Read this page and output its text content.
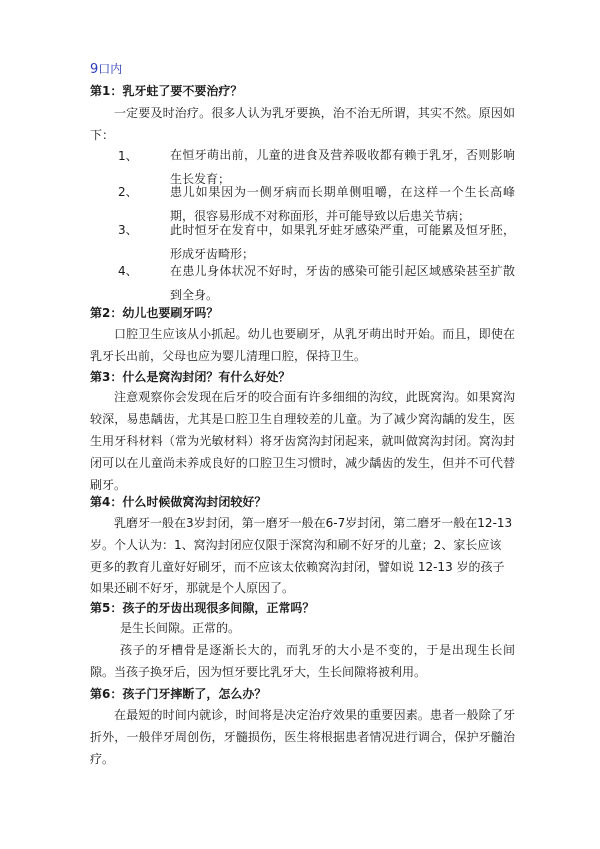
9口内
第1：乳牙蛀了要不要治疗？
一定要及时治疗。很多人认为乳牙要换，治不治无所谓，其实不然。原因如下：
1、	在恒牙萌出前，儿童的进食及营养吸收都有赖于乳牙，否则影响生长发育；
2、	患儿如果因为一侧牙病而长期单侧咀嚼，在这样一个生长高峰期，很容易形成不对称面形，并可能导致以后患关节病；
3、	此时恒牙在发育中，如果乳牙蛀牙感染严重，可能累及恒牙胚，形成牙齿畸形；
4、	在患儿身体状况不好时，牙齿的感染可能引起区域感染甚至扩散到全身。
第2：幼儿也要刷牙吗？
口腔卫生应该从小抓起。幼儿也要刷牙，从乳牙萌出时开始。而且，即使在乳牙长出前，父母也应为婴儿清理口腔，保持卫生。
第3：什么是窝沟封闭？有什么好处？
注意观察你会发现在后牙的咬合面有许多细细的沟纹，此既窝沟。如果窝沟较深，易患龋齿，尤其是口腔卫生自理较差的儿童。为了减少窝沟龋的发生，医生用牙科材料（常为光敏材料）将牙齿窝沟封闭起来，就叫做窝沟封闭。窝沟封闭可以在儿童尚未养成良好的口腔卫生习惯时，减少龋齿的发生，但并不可代替刷牙。
第4：什么时候做窝沟封闭较好？
乳磨牙一般在3岁封闭，第一磨牙一般在6-7岁封闭，第二磨牙一般在12-13
岁。个人认为：1、窝沟封闭应仅限于深窝沟和刷不好牙的儿童；2、家长应该
更多的教育儿童好好刷牙，而不应该太依赖窝沟封闭，譬如说 12-13 岁的孩子
如果还刷不好牙，那就是个人原因了。
第5：孩子的牙齿出现很多间隙，正常吗？
是生长间隙。正常的。
孩子的牙槽骨是逐渐长大的，而乳牙的大小是不变的，于是出现生长间隙。当孩子换牙后，因为恒牙要比乳牙大，生长间隙将被利用。
第6：孩子门牙摔断了，怎么办？
在最短的时间内就诊，时间将是决定治疗效果的重要因素。患者一般除了牙折外，一般伴牙周创伤，牙髓损伤，医生将根据患者情况进行调合，保护牙髓治疗。
